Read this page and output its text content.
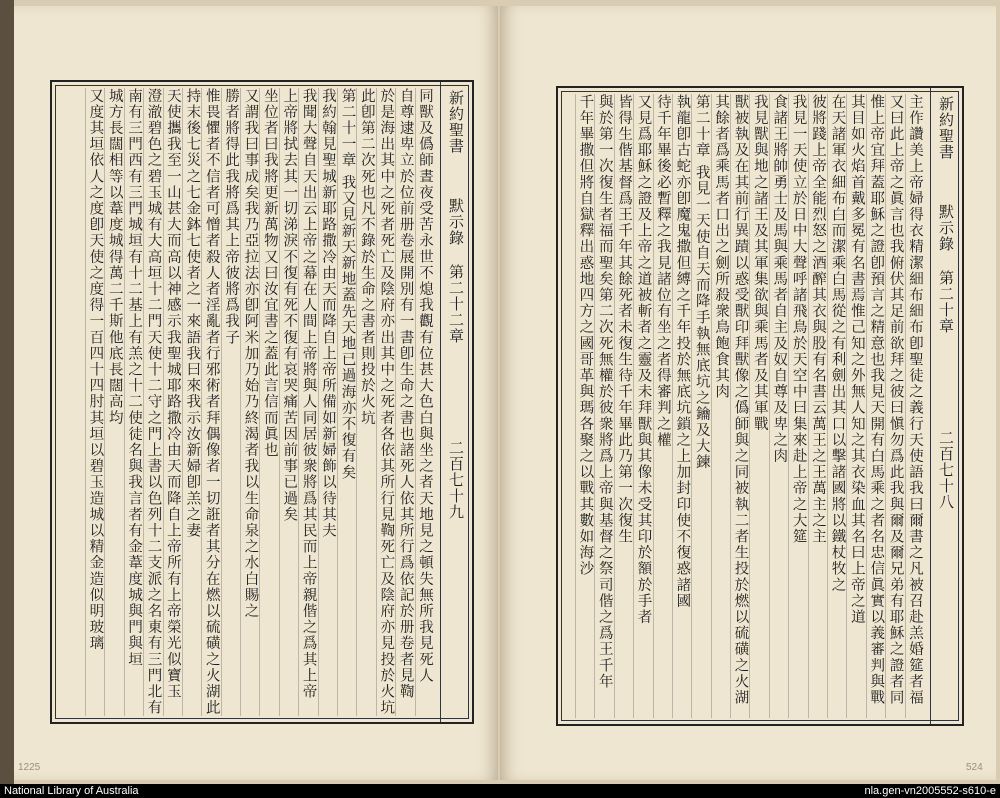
同獸及僞師晝夜受苦永世不熄我觀有位甚大色白與坐之者天地見之頓失無所我見死人
自尊逮卑立於位前册卷展開別有一書卽生命之書也諸死人依其所行爲依記於册卷者見鞫
於是海出其中之死者死亡及陰府亦出其中之死者各依其所行見鞫死亡及陰府亦見投於火坑
此卽第二次死也凡不錄於生命之書者則投於火坑
第二十一章 我又見新天新地蓋先天地已過海亦不復有矣
我約翰見聖城新耶路撒冷由天而降自上帝所備如新婦飾以待其夫
我聞大聲自天出云上帝之幕在人間上帝將與人同居彼衆將爲其民而上帝親偕之爲其上帝
上帝將拭去其一切涕淚不復有死不復有哀哭痛苦因前事已過矣
坐位者曰我將更新萬物又曰汝宜書之蓋此言信而眞也
又謂我曰事成矣我乃亞拉法亦卽阿米加乃始乃終渴者我以生命泉之水白賜之
勝者將得此我將爲其上帝彼將爲我子
惟畏懼者不信者可憎者殺人者淫亂者行邪術者拜偶像者一切誑者其分在燃以硫磺之火湖此
持末後七災之七金鉢七使者之一來語我曰來我示汝新婦卽羔之妻
天使攜我至一山甚大而高以神感示我聖城耶路撒冷由天而降自上帝所有上帝榮光似寶玉
澄澈碧色之碧玉城有大高垣十二門天使十二守之門上書以色列十二支派之名東有三門北有
南有三門西有三門城垣有十二基上有羔之十二使徒名與我言者有金葦度城與門與垣
城方長闊相等以葦度城得萬二千斯他底長闊高均
又度其垣依人之度卽天使之度得一百四十四肘其垣以碧玉造城以精金造似明玻璃	新約聖書
默示錄
第二十二章
二百七十九
1225
新約聖書
默示錄
第二十章
二百七十八
主作讚美上帝婦得衣精潔細布細布卽聖徒之義行天使語我曰爾書之凡被召赴羔婚筵者福
又曰此上帝之眞言也我俯伏其足前欲拜之彼曰愼勿爲此我與爾及爾兄弟有耶穌之證者同
惟上帝宜拜蓋耶穌之證卽預言之精意也我見天開有白馬乘之者名忠信眞實以義審判與戰
其目如火焰首戴多冕有名書焉惟己知之外無人知之其衣染血其名曰上帝之道
在天諸軍衣細布白而潔乘白馬從之有利劍出其口以擊諸國將以鐵杖牧之
彼將踐上帝全能烈怒之酒醡其衣與股有名書云萬王之王萬主之主
我見一天使立於日中大聲呼諸飛鳥於天空中曰集來赴上帝之大筵
食諸王將帥勇士及馬與乘馬者自主及奴自尊及卑之肉
我見獸與地之諸王及其軍集欲與乘馬者及其軍戰
獸被執及在其前行異蹟以惑受獸印拜獸像之僞師與之同被執二者生投於燃以硫磺之火湖
其餘者爲乘馬者口出之劍所殺衆鳥飽食其肉
第二十章 我見一天使自天而降手執無底坑之鑰及大鍊
執龍卽古蛇亦卽魔鬼撒但縛之千年投於無底坑鎖之上加封印使不復惑諸國
待千年畢後必暫釋之我見諸位有坐之者得審判之權
又見爲耶穌之證及上帝之道被斬者之靈及未拜獸與其像未受其印於額於手者
皆得生偕基督爲王千年其餘死者未復生待千年畢此乃第一次復生
與於第一次復生者福而聖矣第二次死無權於彼衆將爲上帝與基督之祭司偕之爲王千年
千年畢撒但將自獄釋出惑地四方之國哥革與瑪各聚之以戰其數如海沙
524
National Library of Australia	nla.gen-vn2005552-s610-e
